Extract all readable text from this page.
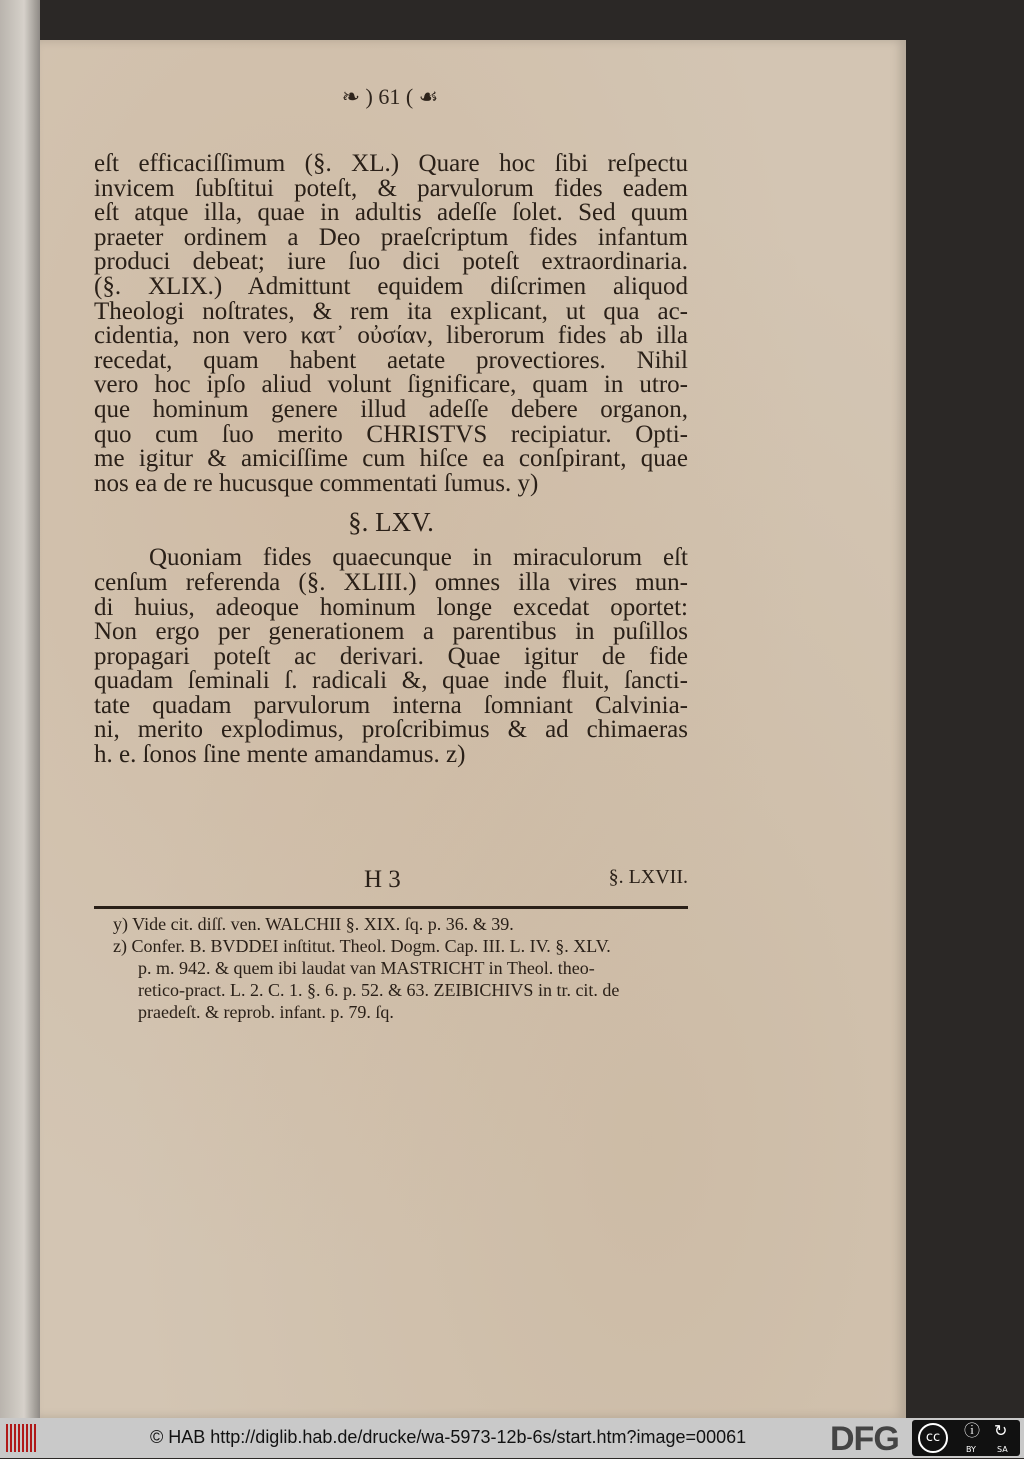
❧ ) 61 ( ☙
eſt efficaciſſimum (§. XL.) Quare hoc ſibi reſpectu
invicem ſubſtitui poteſt, & parvulorum fides eadem
eſt atque illa, quae in adultis adeſſe ſolet. Sed quum
praeter ordinem a Deo praeſcriptum fides infantum
produci debeat; iure ſuo dici poteſt extraordinaria.
(§. XLIX.) Admittunt equidem diſcrimen aliquod
Theologi noſtrates, & rem ita explicant, ut qua ac-
cidentia, non vero κατ᾽ οὐσίαν, liberorum fides ab illa
recedat, quam habent aetate provectiores. Nihil
vero hoc ipſo aliud volunt ſignificare, quam in utro-
que hominum genere illud adeſſe debere organon,
quo cum ſuo merito CHRISTVS recipiatur. Opti-
me igitur & amiciſſime cum hiſce ea conſpirant, quae
nos ea de re hucusque commentati ſumus. y)
§. LXV.
Quoniam fides quaecunque in miraculorum eſt
cenſum referenda (§. XLIII.) omnes illa vires mun-
di huius, adeoque hominum longe excedat oportet:
Non ergo per generationem a parentibus in puſillos
propagari poteſt ac derivari. Quae igitur de fide
quadam ſeminali ſ. radicali &, quae inde fluit, ſancti-
tate quadam parvulorum interna ſomniant Calvinia-
ni, merito explodimus, proſcribimus & ad chimaeras
h. e. ſonos ſine mente amandamus. z)
H 3	§. LXVII.
y) Vide cit. diſſ. ven. WALCHII §. XIX. ſq. p. 36. & 39.
z) Confer. B. BVDDEI inſtitut. Theol. Dogm. Cap. III. L. IV. §. XLV.
p. m. 942. & quem ibi laudat van MASTRICHT in Theol. theo-
retico-pract. L. 2. C. 1. §. 6. p. 52. & 63. ZEIBICHIVS in tr. cit. de
praedeſt. & reprob. infant. p. 79. ſq.
© HAB http://diglib.hab.de/drucke/wa-5973-12b-6s/start.htm?image=00061 DFG	cc	ⓘ ↻
BY	SA
